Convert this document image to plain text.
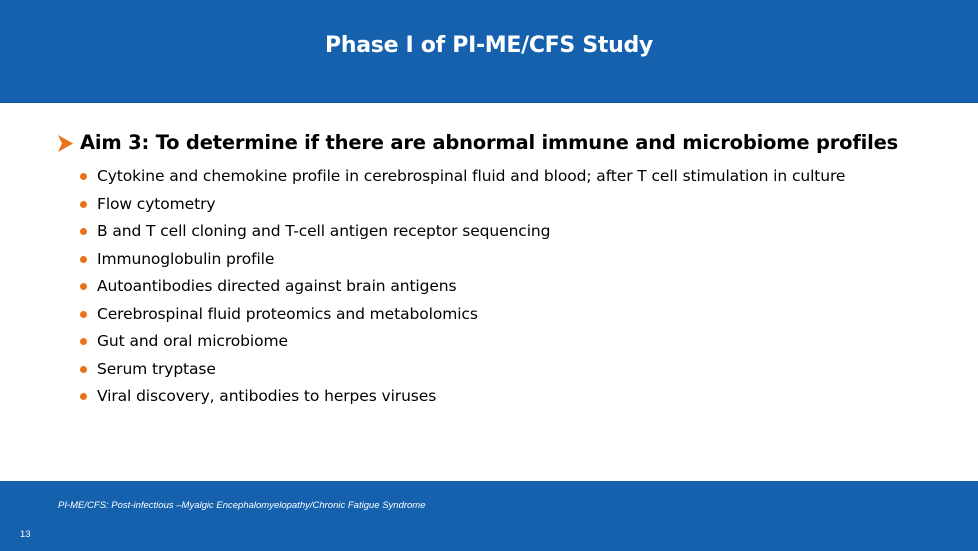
Phase I of PI-ME/CFS Study
Aim 3: To determine if there are abnormal immune and microbiome profiles
Cytokine and chemokine profile in cerebrospinal fluid and blood; after T cell stimulation in culture
Flow cytometry
B and T cell cloning and T-cell antigen receptor sequencing
Immunoglobulin profile
Autoantibodies directed against brain antigens
Cerebrospinal fluid proteomics and metabolomics
Gut and oral microbiome
Serum tryptase
Viral discovery, antibodies to herpes viruses
PI-ME/CFS: Post-infectious –Myalgic Encephalomyelopathy/Chronic Fatigue Syndrome
13
